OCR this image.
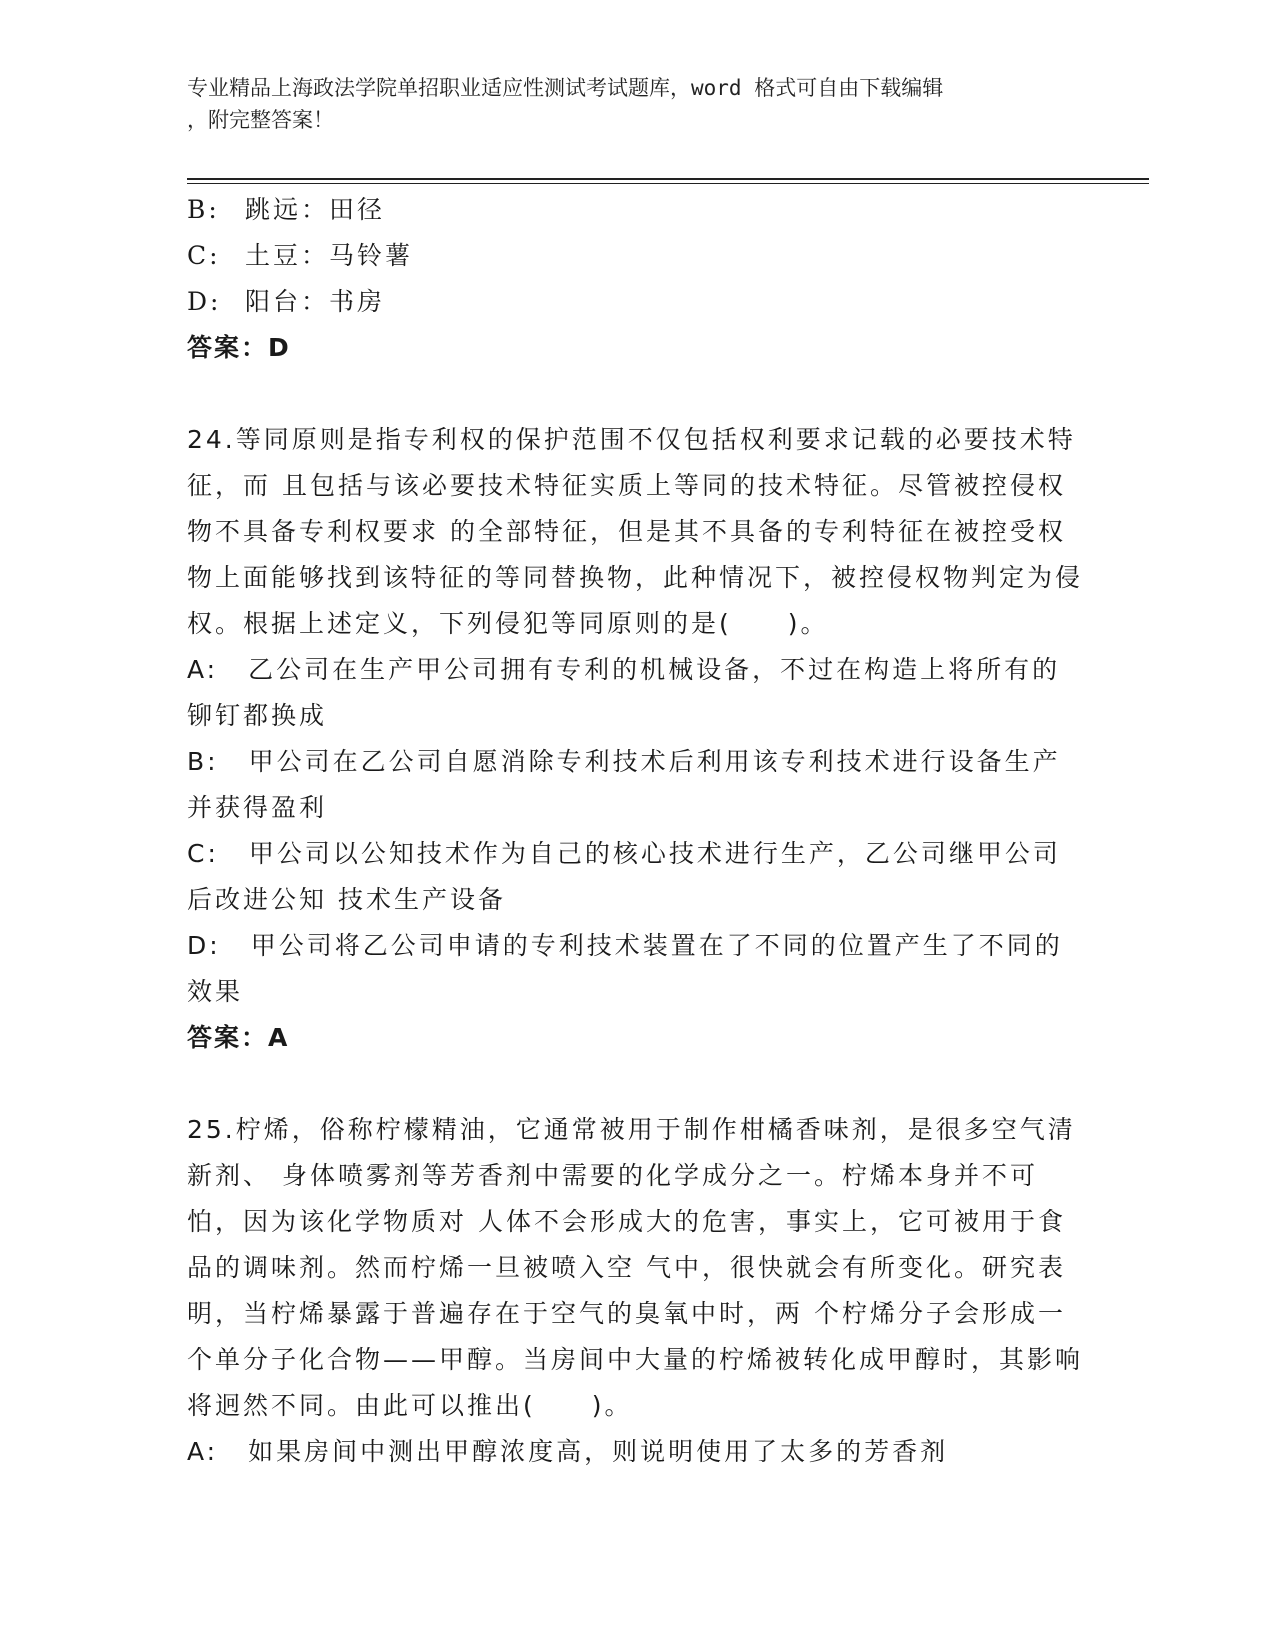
专业精品上海政法学院单招职业适应性测试考试题库，word 格式可自由下载编辑
，附完整答案！
B:	跳远：田径
C: 土豆：马铃薯
D: 阳台：书房
答案：D
24.等同原则是指专利权的保护范围不仅包括权利要求记载的必要技术特征，而 且包括与该必要技术特征实质上等同的技术特征。尽管被控侵权物不具备专利权要求 的全部特征，但是其不具备的专利特征在被控受权物上面能够找到该特征的等同替换物，此种情况下，被控侵权物判定为侵权。根据上述定义，下列侵犯等同原则的是(　　)。
A: 乙公司在生产甲公司拥有专利的机械设备，不过在构造上将所有的铆钉都换成
B: 甲公司在乙公司自愿消除专利技术后利用该专利技术进行设备生产并获得盈利
C: 甲公司以公知技术作为自己的核心技术进行生产，乙公司继甲公司后改进公知 技术生产设备
D: 甲公司将乙公司申请的专利技术装置在了不同的位置产生了不同的效果
答案：A
25.柠烯，俗称柠檬精油，它通常被用于制作柑橘香味剂，是很多空气清新剂、 身体喷雾剂等芳香剂中需要的化学成分之一。柠烯本身并不可怕，因为该化学物质对 人体不会形成大的危害，事实上，它可被用于食品的调味剂。然而柠烯一旦被喷入空 气中，很快就会有所变化。研究表明，当柠烯暴露于普遍存在于空气的臭氧中时，两 个柠烯分子会形成一个单分子化合物——甲醇。当房间中大量的柠烯被转化成甲醇时，其影响将迥然不同。由此可以推出(　　)。
A: 如果房间中测出甲醇浓度高，则说明使用了太多的芳香剂
